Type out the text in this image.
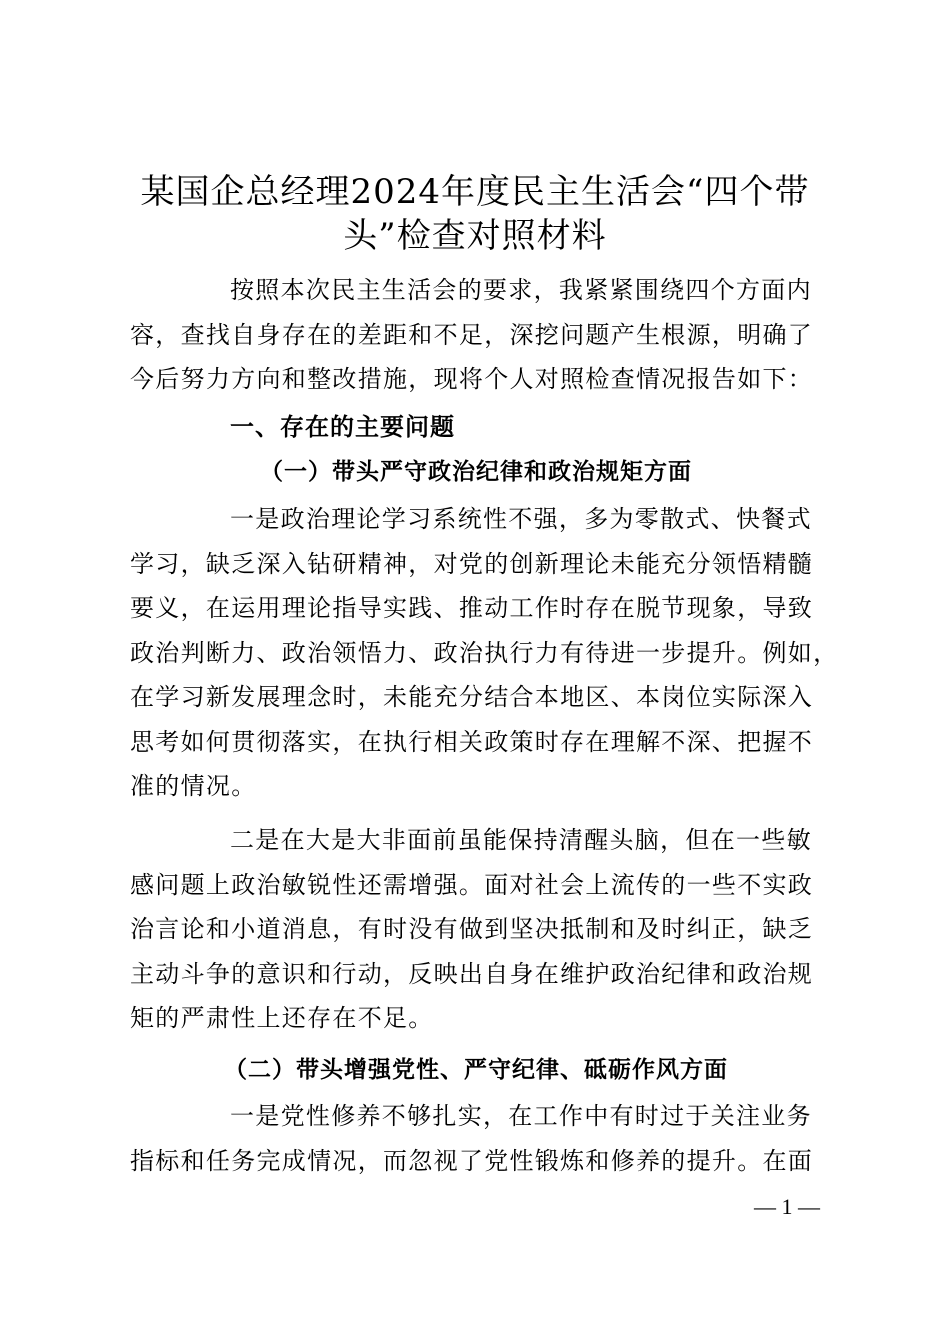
某国企总经理2024年度民主生活会“四个带
头”检查对照材料
按照本次民主生活会的要求，我紧紧围绕四个方面内
容，查找自身存在的差距和不足，深挖问题产生根源，明确了
今后努力方向和整改措施，现将个人对照检查情况报告如下：
一、存在的主要问题
（一）带头严守政治纪律和政治规矩方面
一是政治理论学习系统性不强，多为零散式、快餐式
学习，缺乏深入钻研精神，对党的创新理论未能充分领悟精髓
要义，在运用理论指导实践、推动工作时存在脱节现象，导致
政治判断力、政治领悟力、政治执行力有待进一步提升。例如，
在学习新发展理念时，未能充分结合本地区、本岗位实际深入
思考如何贯彻落实，在执行相关政策时存在理解不深、把握不
准的情况。
二是在大是大非面前虽能保持清醒头脑，但在一些敏
感问题上政治敏锐性还需增强。面对社会上流传的一些不实政
治言论和小道消息，有时没有做到坚决抵制和及时纠正，缺乏
主动斗争的意识和行动，反映出自身在维护政治纪律和政治规
矩的严肃性上还存在不足。
（二）带头增强党性、严守纪律、砥砺作风方面
一是党性修养不够扎实，在工作中有时过于关注业务
指标和任务完成情况，而忽视了党性锻炼和修养的提升。在面
— 1 —
